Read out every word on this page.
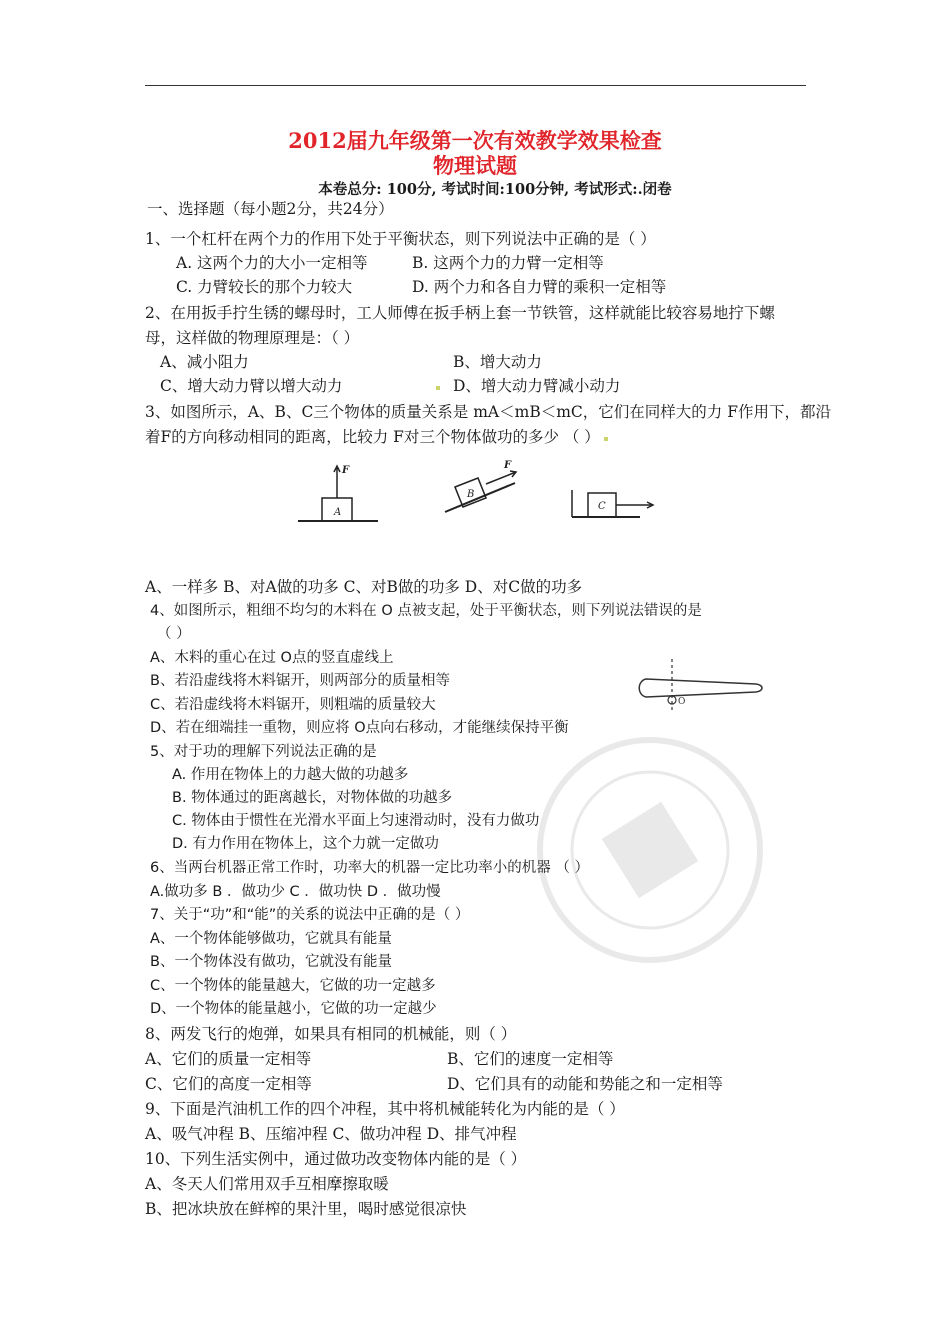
2012届九年级第一次有效教学效果检查
物理试题
本卷总分: 100分, 考试时间:100分钟, 考试形式:.闭卷
一、选择题（每小题2分，共24分）
1、一个杠杆在两个力的作用下处于平衡状态，则下列说法中正确的是（ ）
A. 这两个力的大小一定相等	B. 这两个力的力臂一定相等
C. 力臂较长的那个力较大	D. 两个力和各自力臂的乘积一定相等
2、在用扳手拧生锈的螺母时，工人师傅在扳手柄上套一节铁管，这样就能比较容易地拧下螺
母，这样做的物理原理是：（ ）
A、减小阻力	B、增大动力
C、增大动力臂以增大动力	D、增大动力臂减小动力
3、如图所示，A、B、C三个物体的质量关系是 mA＜mB＜mC，它们在同样大的力 F作用下，都沿
着F的方向移动相同的距离，比较力 F对三个物体做功的多少 （ ）
A
F
B
F
C
A、一样多 B、对A做的功多 C、对B做的功多 D、对C做的功多
4、如图所示，粗细不均匀的木料在 O 点被支起，处于平衡状态，则下列说法错误的是
（ ）
A、木料的重心在过 O点的竖直虚线上
B、若沿虚线将木料锯开，则两部分的质量相等
C、若沿虚线将木料锯开，则粗端的质量较大
D、若在细端挂一重物，则应将 O点向右移动，才能继续保持平衡
O
5、对于功的理解下列说法正确的是
A. 作用在物体上的力越大做的功越多
B. 物体通过的距离越长，对物体做的功越多
C. 物体由于惯性在光滑水平面上匀速滑动时，没有力做功
D. 有力作用在物体上，这个力就一定做功
6、当两台机器正常工作时，功率大的机器一定比功率小的机器 （ ）
A.做功多 B ．做功少 C ．做功快 D ．做功慢
7、关于“功”和“能”的关系的说法中正确的是（ ）
A、一个物体能够做功，它就具有能量
B、一个物体没有做功，它就没有能量
C、一个物体的能量越大，它做的功一定越多
D、一个物体的能量越小，它做的功一定越少
8、两发飞行的炮弹，如果具有相同的机械能，则（ ）
A、它们的质量一定相等	B、它们的速度一定相等
C、它们的高度一定相等	D、它们具有的动能和势能之和一定相等
9、下面是汽油机工作的四个冲程，其中将机械能转化为内能的是（ ）
A、吸气冲程 B、压缩冲程 C、做功冲程 D、排气冲程
10、下列生活实例中，通过做功改变物体内能的是（ ）
A、冬天人们常用双手互相摩擦取暖
B、把冰块放在鲜榨的果汁里，喝时感觉很凉快
